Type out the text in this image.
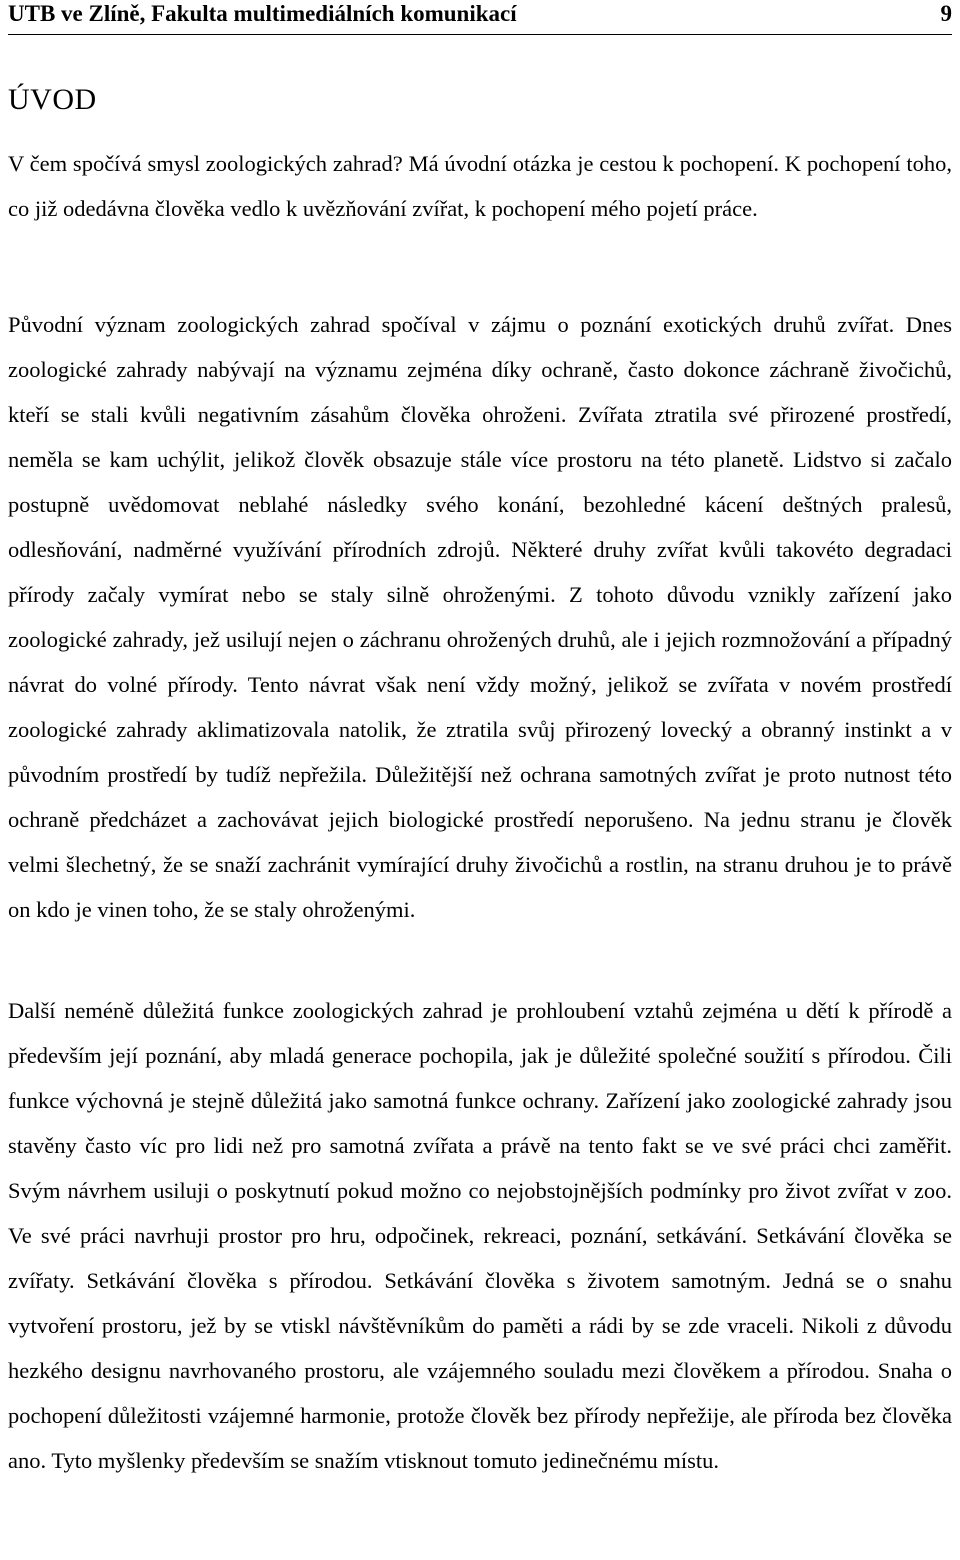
UTB ve Zlíně, Fakulta multimediálních komunikací	9
ÚVOD

V čem spočívá smysl zoologických zahrad? Má úvodní otázka je cestou k pochopení. K pochopení toho, co již odedávna člověka vedlo k uvězňování zvířat, k pochopení mého pojetí práce.

Původní význam zoologických zahrad spočíval v zájmu o poznání exotických druhů zvířat. Dnes zoologické zahrady nabývají na významu zejména díky ochraně, často dokonce záchraně živočichů, kteří se stali kvůli negativním zásahům člověka ohroženi. Zvířata ztratila své přirozené prostředí, neměla se kam uchýlit, jelikož člověk obsazuje stále více prostoru na této planetě. Lidstvo si začalo postupně uvědomovat neblahé následky svého konání, bezohledné kácení deštných pralesů, odlesňování, nadměrné využívání přírodních zdrojů. Některé druhy zvířat kvůli takovéto degradaci přírody začaly vymírat nebo se staly silně ohroženými. Z tohoto důvodu vznikly zařízení jako zoologické zahrady, jež usilují nejen o záchranu ohrožených druhů, ale i jejich rozmnožování a případný návrat do volné přírody. Tento návrat však není vždy možný, jelikož se zvířata v novém prostředí zoologické zahrady aklimatizovala natolik, že ztratila svůj přirozený lovecký a obranný instinkt a v původním prostředí by tudíž nepřežila. Důležitější než ochrana samotných zvířat je proto nutnost této ochraně předcházet a zachovávat jejich biologické prostředí neporušeno. Na jednu stranu je člověk velmi šlechetný, že se snaží zachránit vymírající druhy živočichů a rostlin, na stranu druhou je to právě on kdo je vinen toho, že se staly ohroženými.

Další neméně důležitá funkce zoologických zahrad je prohloubení vztahů zejména u dětí k přírodě a především její poznání, aby mladá generace pochopila, jak je důležité společné soužití s přírodou. Čili funkce výchovná je stejně důležitá jako samotná funkce ochrany. Zařízení jako zoologické zahrady jsou stavěny často víc pro lidi než pro samotná zvířata a právě na tento fakt se ve své práci chci zaměřit. Svým návrhem usiluji o poskytnutí pokud možno co nejobstojnějších podmínky pro život zvířat v zoo. Ve své práci navrhuji prostor pro hru, odpočinek, rekreaci, poznání, setkávání. Setkávání člověka se zvířaty. Setkávání člověka s přírodou. Setkávání člověka s životem samotným. Jedná se o snahu vytvoření prostoru, jež by se vtiskl návštěvníkům do paměti a rádi by se zde vraceli. Nikoli z důvodu hezkého designu navrhovaného prostoru, ale vzájemného souladu mezi člověkem a přírodou. Snaha o pochopení důležitosti vzájemné harmonie, protože člověk bez přírody nepřežije, ale příroda bez člověka ano. Tyto myšlenky především se snažím vtisknout tomuto jedinečnému místu.
